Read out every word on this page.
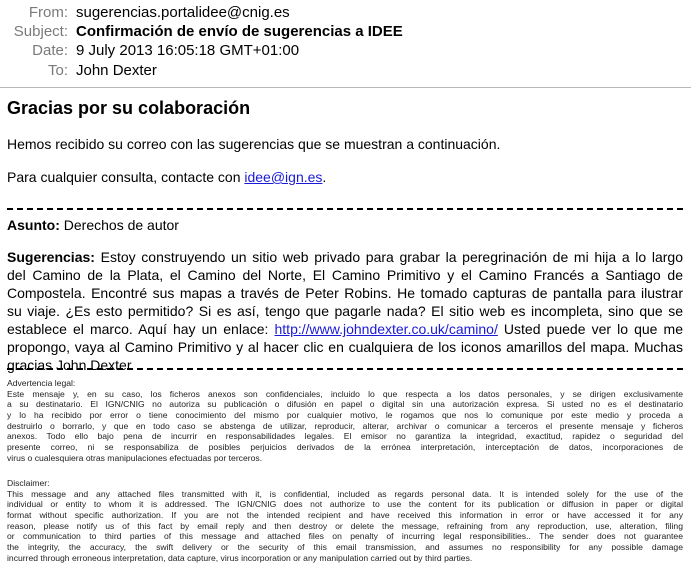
From: sugerencias.portalidee@cnig.es
Subject: Confirmación de envío de sugerencias a IDEE
Date: 9 July 2013 16:05:18 GMT+01:00
To: John Dexter
Gracias por su colaboración
Hemos recibido su correo con las sugerencias que se muestran a continuación.
Para cualquier consulta, contacte con idee@ign.es.
Asunto: Derechos de autor
Sugerencias: Estoy construyendo un sitio web privado para grabar la peregrinación de mi hija a lo largo
del Camino de la Plata, el Camino del Norte, El Camino Primitivo y el Camino Francés a Santiago de
Compostela. Encontré sus mapas a través de Peter Robins. He tomado capturas de pantalla para ilustrar
su viaje. ¿Es esto permitido? Si es así, tengo que pagarle nada? El sitio web es incompleta, sino que se
establece el marco. Aquí hay un enlace: http://www.johndexter.co.uk/camino/ Usted puede ver lo que me
propongo, vaya al Camino Primitivo y al hacer clic en cualquiera de los iconos amarillos del mapa. Muchas
gracias John Dexter
Advertencia legal:
Este mensaje y, en su caso, los ficheros anexos son confidenciales, incluido lo que respecta a los datos personales, y se dirigen exclusivamente
a su destinatario. El IGN/CNIG no autoriza su publicación o difusión en papel o digital sin una autorización expresa. Si usted no es el destinatario
y lo ha recibido por error o tiene conocimiento del mismo por cualquier motivo, le rogamos que nos lo comunique por este medio y proceda a
destruirlo o borrarlo, y que en todo caso se abstenga de utilizar, reproducir, alterar, archivar o comunicar a terceros el presente mensaje y ficheros
anexos. Todo ello bajo pena de incurrir en responsabilidades legales. El emisor no garantiza la integridad, exactitud, rapidez o seguridad del
presente correo, ni se responsabiliza de posibles perjuicios derivados de la errónea interpretación, interceptación de datos, incorporaciones de
virus o cualesquiera otras manipulaciones efectuadas por terceros.
Disclaimer:
This message and any attached files transmitted with it, is confidential, included as regards personal data. It is intended solely for the use of the
individual or entity to whom it is addressed. The IGN/CNIG does not authorize to use the content for its publication or diffusion in paper or digital
format without specific authorization. If you are not the intended recipient and have received this information in error or have accessed it for any
reason, please notify us of this fact by email reply and then destroy or delete the message, refraining from any reproduction, use, alteration, filing
or communication to third parties of this message and attached files on penalty of incurring legal responsibilities.. The sender does not guarantee
the integrity, the accuracy, the swift delivery or the security of this email transmission, and assumes no responsibility for any possible damage
incurred through erroneous interpretation, data capture, virus incorporation or any manipulation carried out by third parties.
